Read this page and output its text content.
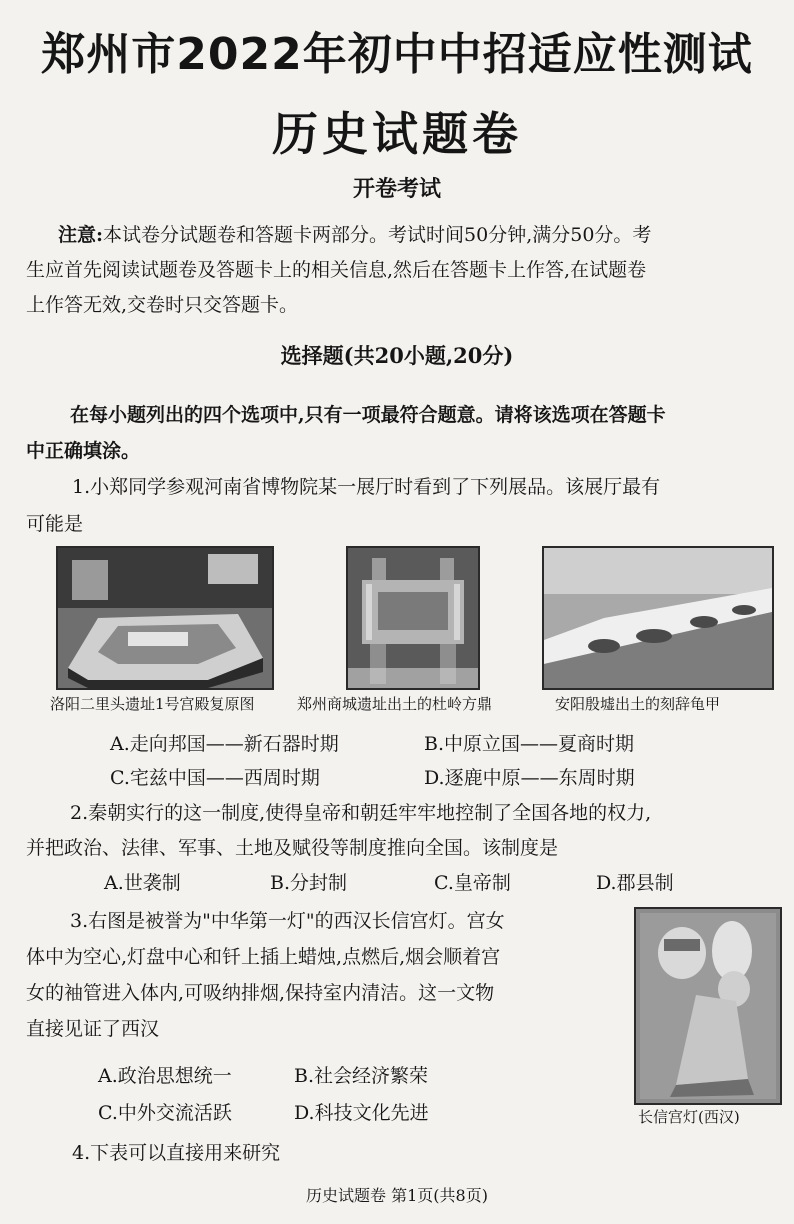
郑州市2022年初中中招适应性测试
历史试题卷
开卷考试
注意:本试卷分试题卷和答题卡两部分。考试时间50分钟,满分50分。考
生应首先阅读试题卷及答题卡上的相关信息,然后在答题卡上作答,在试题卷
上作答无效,交卷时只交答题卡。
选择题(共20小题,20分)
在每小题列出的四个选项中,只有一项最符合题意。请将该选项在答题卡
中正确填涂。
1.小郑同学参观河南省博物院某一展厅时看到了下列展品。该展厅最有
可能是
洛阳二里头遗址1号宫殿复原图	郑州商城遗址出土的杜岭方鼎	安阳殷墟出土的刻辞龟甲
A.走向邦国——新石器时期	B.中原立国——夏商时期
C.宅兹中国——西周时期	D.逐鹿中原——东周时期
2.秦朝实行的这一制度,使得皇帝和朝廷牢牢地控制了全国各地的权力,
并把政治、法律、军事、土地及赋役等制度推向全国。该制度是
A.世袭制	B.分封制	C.皇帝制	D.郡县制
3.右图是被誉为"中华第一灯"的西汉长信宫灯。宫女
体中为空心,灯盘中心和钎上插上蜡烛,点燃后,烟会顺着宫
女的袖管进入体内,可吸纳排烟,保持室内清洁。这一文物
直接见证了西汉
A.政治思想统一	B.社会经济繁荣
C.中外交流活跃	D.科技文化先进	长信宫灯(西汉)
4.下表可以直接用来研究
历史试题卷 第1页(共8页)
